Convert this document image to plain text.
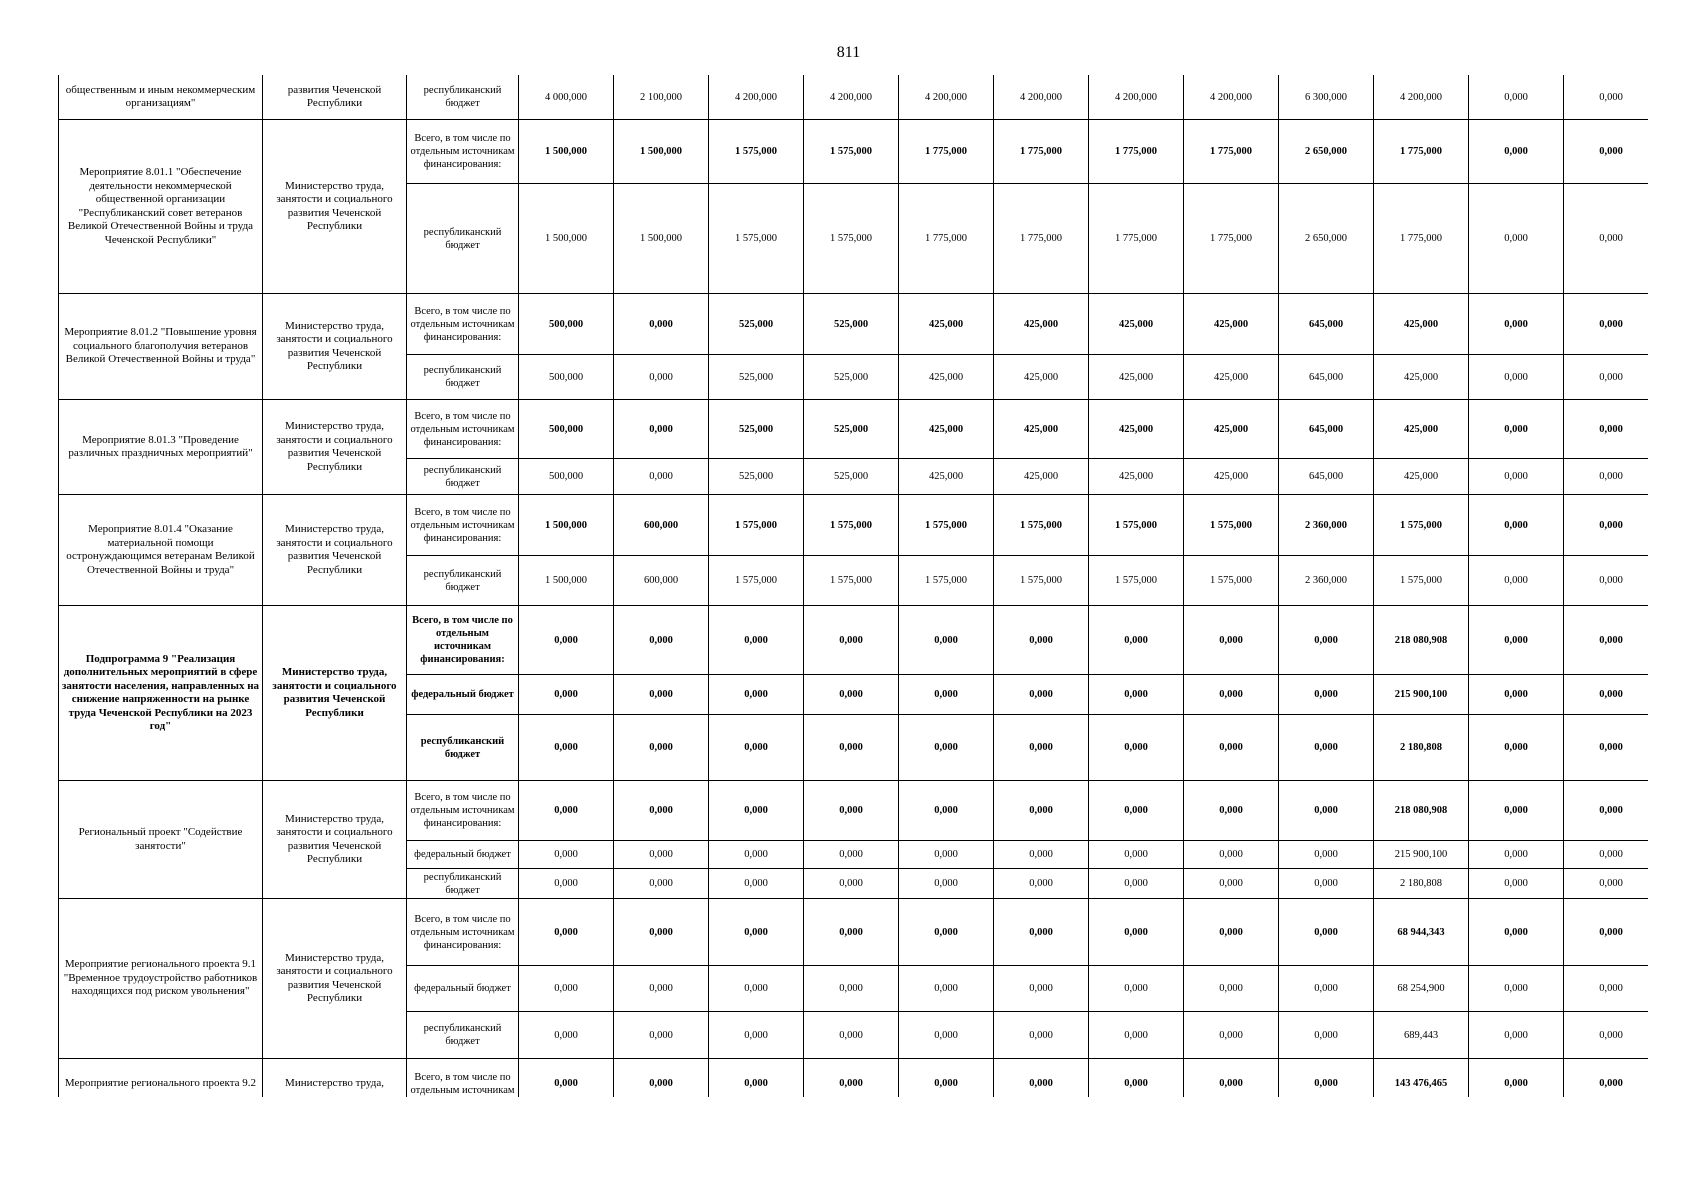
811
общественным и иным некоммерческим организациям"	развития Чеченской Республики	республиканский бюджет	4 000,000	2 100,000	4 200,000	4 200,000	4 200,000	4 200,000	4 200,000	4 200,000	6 300,000	4 200,000	0,000	0,000
Мероприятие 8.01.1 "Обеспечение деятельности некоммерческой общественной организации "Республиканский совет ветеранов Великой Отечественной Войны и труда Чеченской Республики"	Министерство труда, занятости и социального развития Чеченской Республики	Всего, в том числе по отдельным источникам финансирования:	1 500,000	1 500,000	1 575,000	1 575,000	1 775,000	1 775,000	1 775,000	1 775,000	2 650,000	1 775,000	0,000	0,000
		республиканский бюджет	1 500,000	1 500,000	1 575,000	1 575,000	1 775,000	1 775,000	1 775,000	1 775,000	2 650,000	1 775,000	0,000	0,000
Мероприятие 8.01.2 "Повышение уровня социального благополучия ветеранов Великой Отечественной Войны и труда"	Министерство труда, занятости и социального развития Чеченской Республики	Всего, в том числе по отдельным источникам финансирования:	500,000	0,000	525,000	525,000	425,000	425,000	425,000	425,000	645,000	425,000	0,000	0,000
		республиканский бюджет	500,000	0,000	525,000	525,000	425,000	425,000	425,000	425,000	645,000	425,000	0,000	0,000
Мероприятие 8.01.3 "Проведение различных праздничных мероприятий"	Министерство труда, занятости и социального развития Чеченской Республики	Всего, в том числе по отдельным источникам финансирования:	500,000	0,000	525,000	525,000	425,000	425,000	425,000	425,000	645,000	425,000	0,000	0,000
		республиканский бюджет	500,000	0,000	525,000	525,000	425,000	425,000	425,000	425,000	645,000	425,000	0,000	0,000
Мероприятие 8.01.4 "Оказание материальной помощи остронуждающимся ветеранам Великой Отечественной Войны и труда"	Министерство труда, занятости и социального развития Чеченской Республики	Всего, в том числе по отдельным источникам финансирования:	1 500,000	600,000	1 575,000	1 575,000	1 575,000	1 575,000	1 575,000	1 575,000	2 360,000	1 575,000	0,000	0,000
		республиканский бюджет	1 500,000	600,000	1 575,000	1 575,000	1 575,000	1 575,000	1 575,000	1 575,000	2 360,000	1 575,000	0,000	0,000
Подпрограмма 9 "Реализация дополнительных мероприятий в сфере занятости населения, направленных на снижение напряженности на рынке труда Чеченской Республики на 2023 год"	Министерство труда, занятости и социального развития Чеченской Республики	Всего, в том числе по отдельным источникам финансирования:	0,000	0,000	0,000	0,000	0,000	0,000	0,000	0,000	0,000	218 080,908	0,000	0,000
		федеральный бюджет	0,000	0,000	0,000	0,000	0,000	0,000	0,000	0,000	0,000	215 900,100	0,000	0,000
		республиканский бюджет	0,000	0,000	0,000	0,000	0,000	0,000	0,000	0,000	0,000	2 180,808	0,000	0,000
Региональный проект "Содействие занятости"	Министерство труда, занятости и социального развития Чеченской Республики	Всего, в том числе по отдельным источникам финансирования:	0,000	0,000	0,000	0,000	0,000	0,000	0,000	0,000	0,000	218 080,908	0,000	0,000
		федеральный бюджет	0,000	0,000	0,000	0,000	0,000	0,000	0,000	0,000	0,000	215 900,100	0,000	0,000
		республиканский бюджет	0,000	0,000	0,000	0,000	0,000	0,000	0,000	0,000	0,000	2 180,808	0,000	0,000
Мероприятие регионального проекта 9.1 "Временное трудоустройство работников находящихся под риском увольнения"	Министерство труда, занятости и социального развития Чеченской Республики	Всего, в том числе по отдельным источникам финансирования:	0,000	0,000	0,000	0,000	0,000	0,000	0,000	0,000	0,000	68 944,343	0,000	0,000
		федеральный бюджет	0,000	0,000	0,000	0,000	0,000	0,000	0,000	0,000	0,000	68 254,900	0,000	0,000
		республиканский бюджет	0,000	0,000	0,000	0,000	0,000	0,000	0,000	0,000	0,000	689,443	0,000	0,000
Мероприятие регионального проекта 9.2	Министерство труда,	Всего, в том числе по отдельным источникам	0,000	0,000	0,000	0,000	0,000	0,000	0,000	0,000	0,000	143 476,465	0,000	0,000
